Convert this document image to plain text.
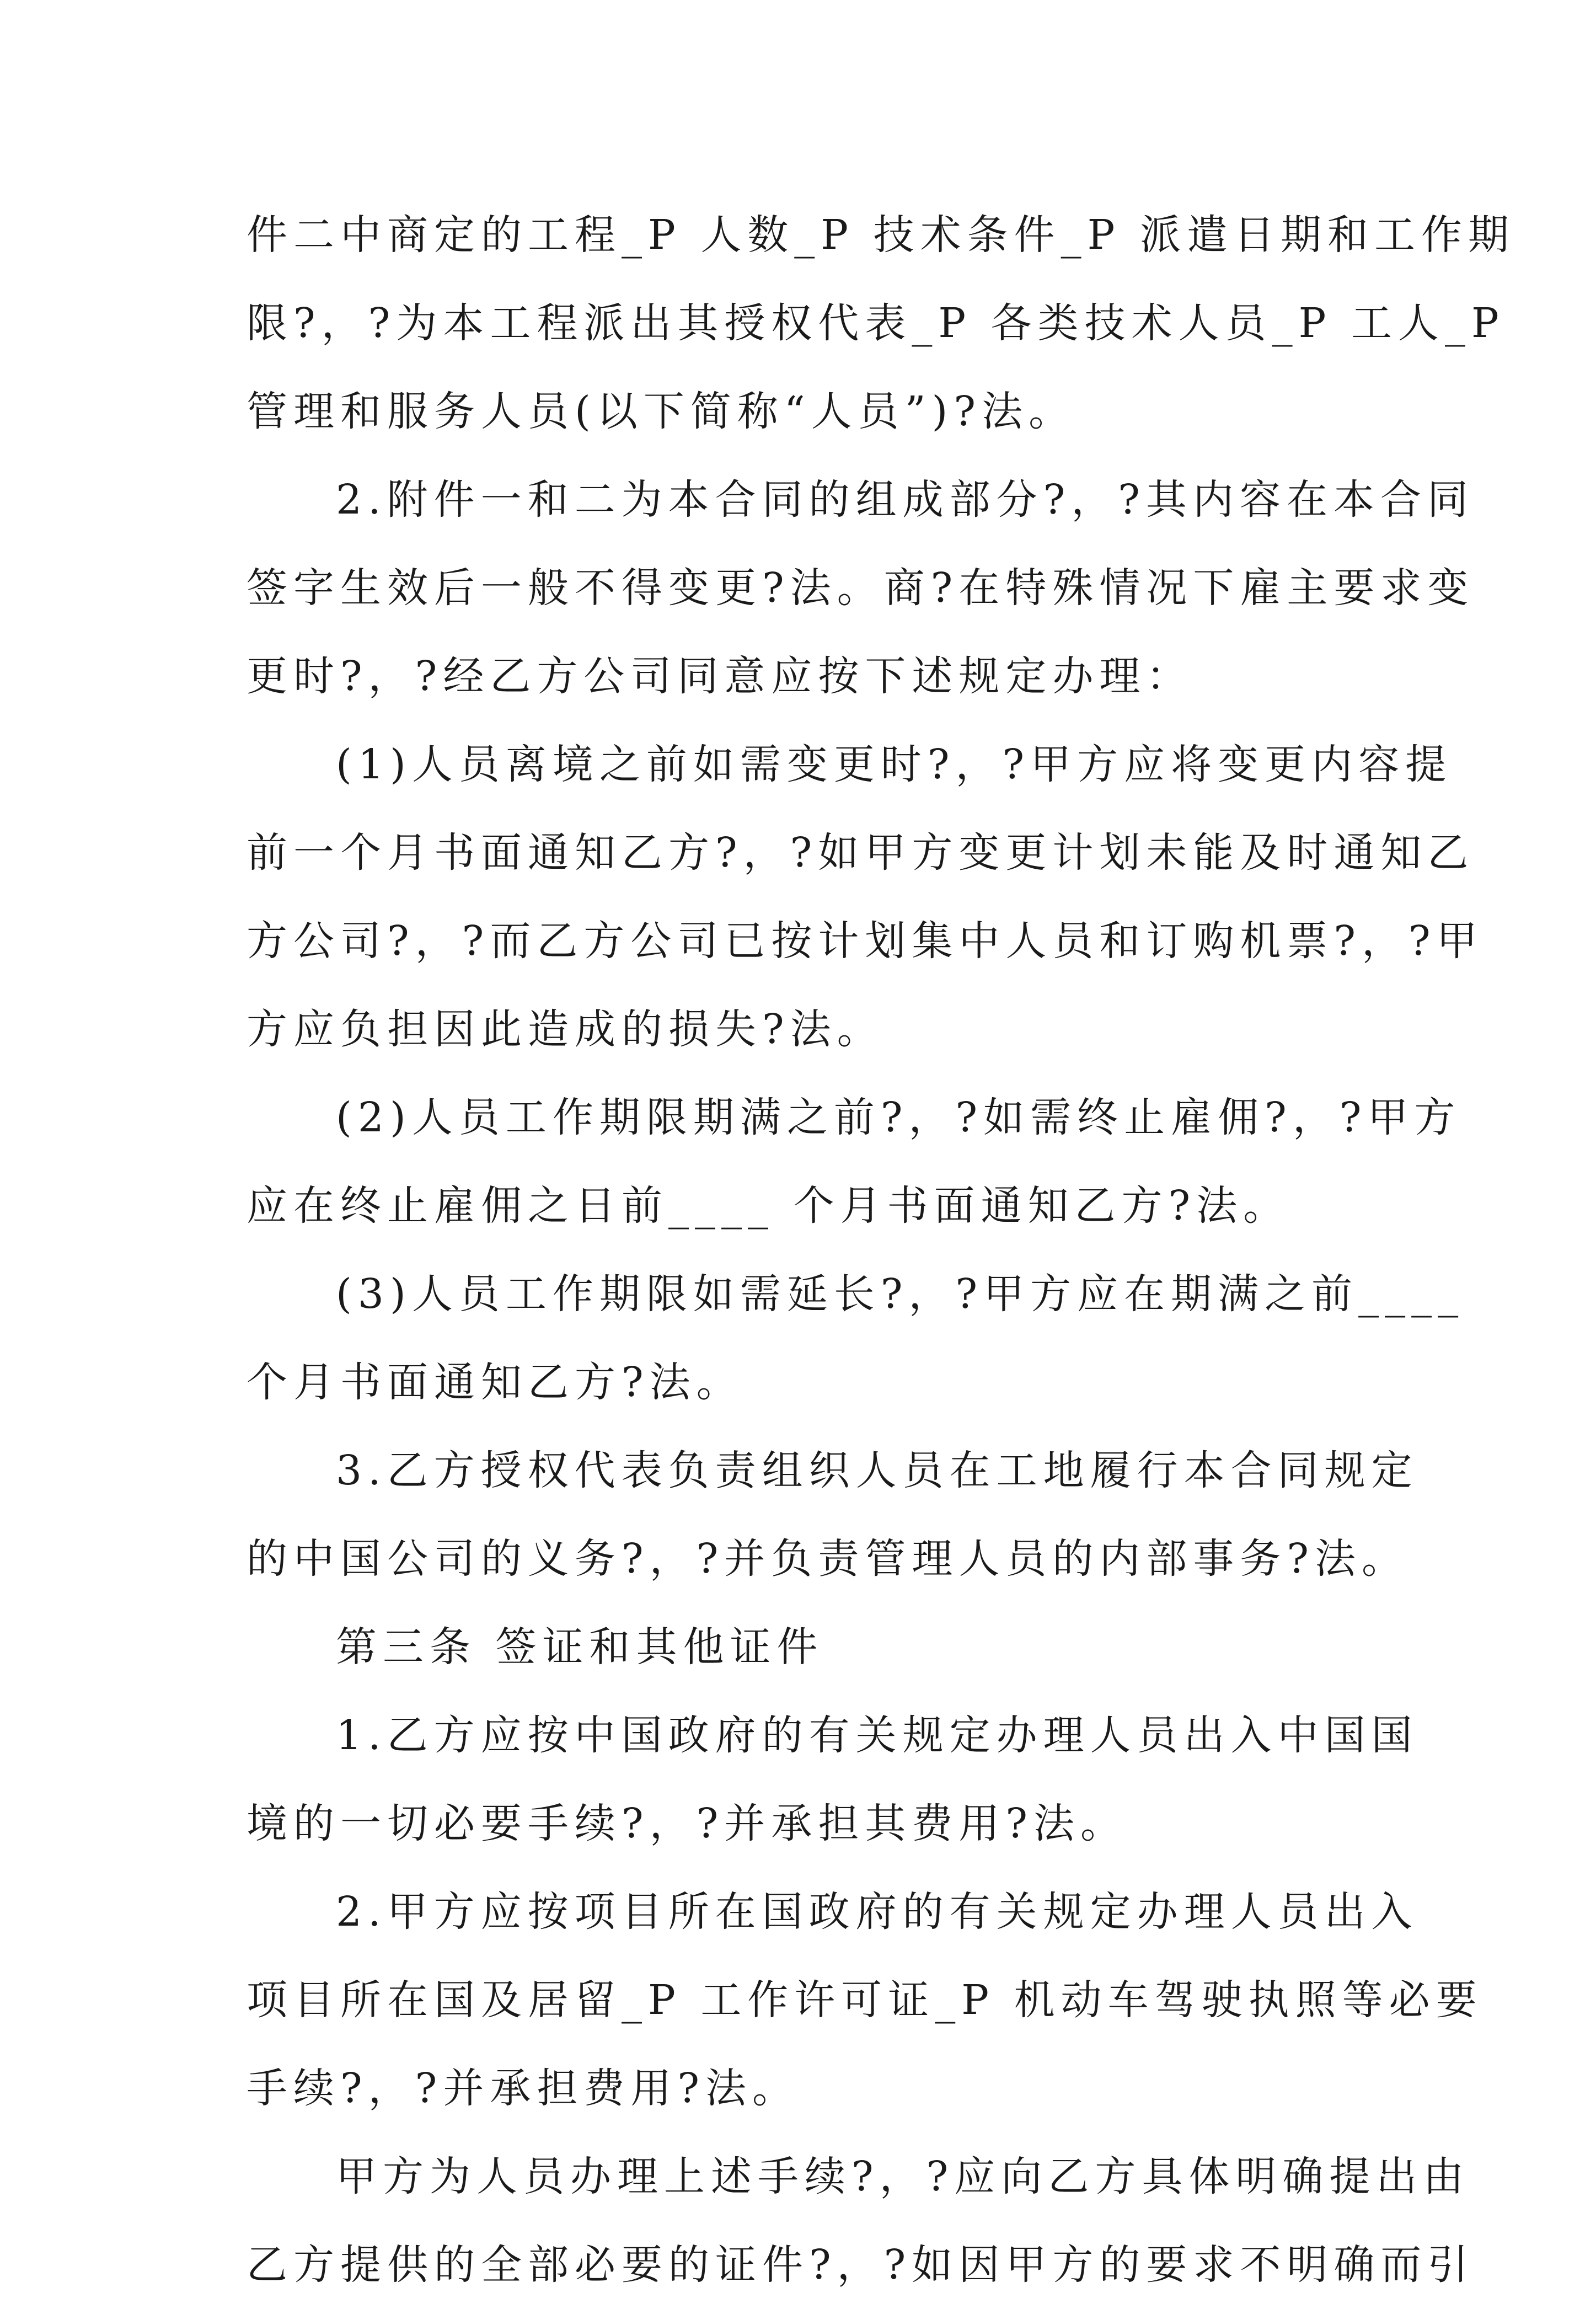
件二中商定的工程_P 人数_P 技术条件_P 派遣日期和工作期
限?，?为本工程派出其授权代表_P 各类技术人员_P 工人_P
管理和服务人员(以下简称“人员”)?法。
2.附件一和二为本合同的组成部分?，?其内容在本合同
签字生效后一般不得变更?法。商?在特殊情况下雇主要求变
更时?，?经乙方公司同意应按下述规定办理：
(1)人员离境之前如需变更时?，?甲方应将变更内容提
前一个月书面通知乙方?，?如甲方变更计划未能及时通知乙
方公司?，?而乙方公司已按计划集中人员和订购机票?，?甲
方应负担因此造成的损失?法。
(2)人员工作期限期满之前?，?如需终止雇佣?，?甲方
应在终止雇佣之日前____ 个月书面通知乙方?法。
(3)人员工作期限如需延长?，?甲方应在期满之前____
个月书面通知乙方?法。
3.乙方授权代表负责组织人员在工地履行本合同规定
的中国公司的义务?，?并负责管理人员的内部事务?法。
第三条 签证和其他证件
1.乙方应按中国政府的有关规定办理人员出入中国国
境的一切必要手续?，?并承担其费用?法。
2.甲方应按项目所在国政府的有关规定办理人员出入
项目所在国及居留_P 工作许可证_P 机动车驾驶执照等必要
手续?，?并承担费用?法。
甲方为人员办理上述手续?，?应向乙方具体明确提出由
乙方提供的全部必要的证件?，?如因甲方的要求不明确而引
